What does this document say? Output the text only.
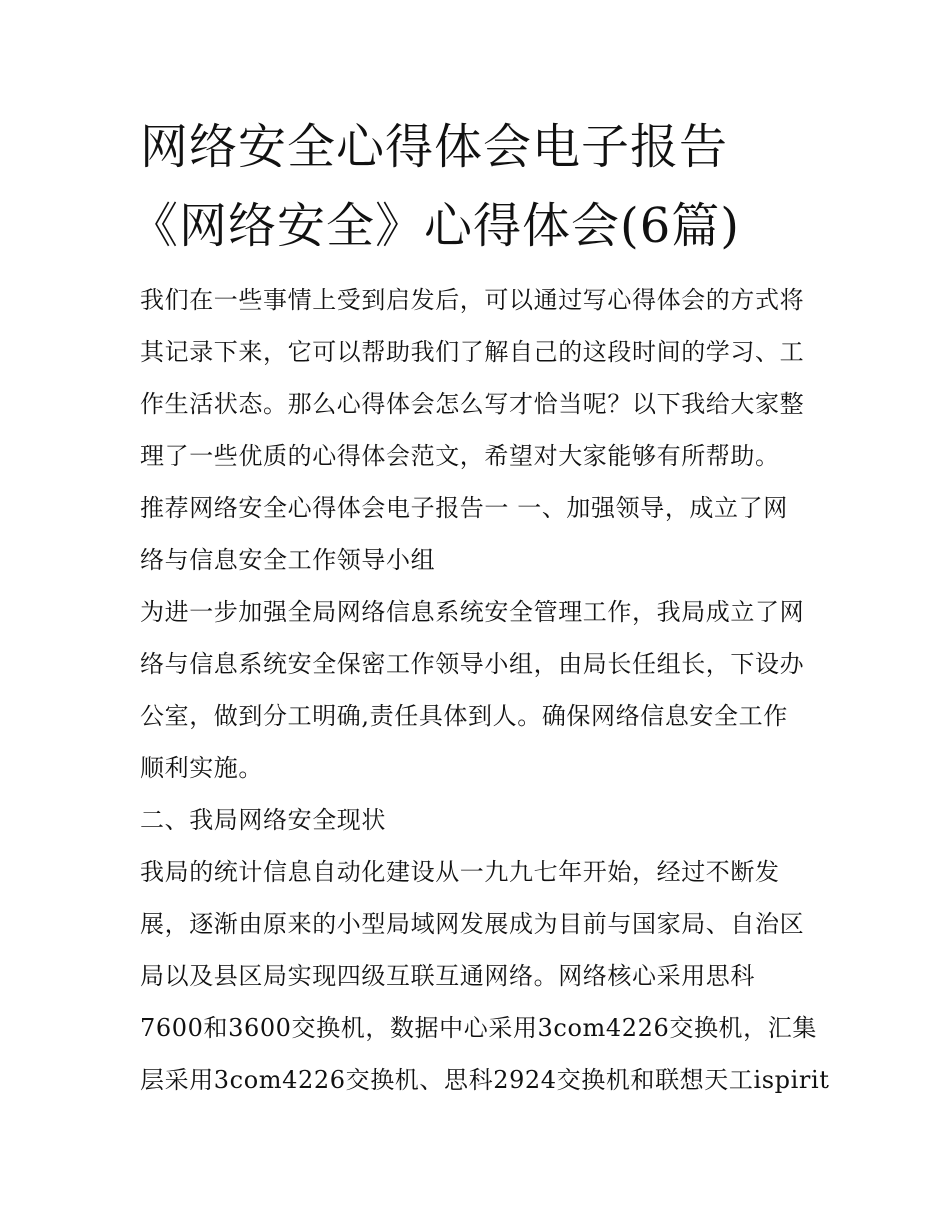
网络安全心得体会电子报告
《网络安全》心得体会(6篇)
我们在一些事情上受到启发后，可以通过写心得体会的方式将
其记录下来，它可以帮助我们了解自己的这段时间的学习、工
作生活状态。那么心得体会怎么写才恰当呢？以下我给大家整
理了一些优质的心得体会范文，希望对大家能够有所帮助。
推荐网络安全心得体会电子报告一 一、加强领导，成立了网
络与信息安全工作领导小组
为进一步加强全局网络信息系统安全管理工作，我局成立了网
络与信息系统安全保密工作领导小组，由局长任组长，下设办
公室，做到分工明确,责任具体到人。确保网络信息安全工作
顺利实施。
二、我局网络安全现状
我局的统计信息自动化建设从一九九七年开始，经过不断发
展，逐渐由原来的小型局域网发展成为目前与国家局、自治区
局以及县区局实现四级互联互通网络。网络核心采用思科
7600和3600交换机，数据中心采用3com4226交换机，汇集
层采用3com4226交换机、思科2924交换机和联想天工ispirit
